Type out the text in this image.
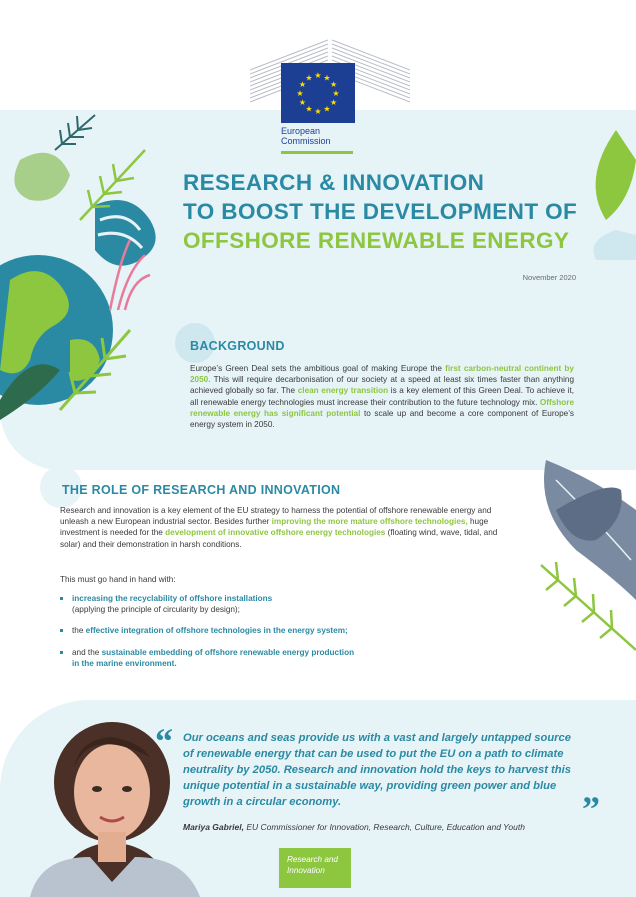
★ ★
★
★
★
★
★
★
★
★
★
★
European
Commission
RESEARCH & INNOVATION
TO BOOST THE DEVELOPMENT OF
OFFSHORE RENEWABLE ENERGY
November 2020
BACKGROUND
Europe’s Green Deal sets the ambitious goal of making Europe the first carbon-neutral continent by 2050. This will require decarbonisation of our society at a speed at least six times faster than anything achieved globally so far. The clean energy transition is a key element of this Green Deal. To achieve it, all renewable energy technologies must increase their contribution to the future technology mix. Offshore renewable energy has significant potential to scale up and become a core component of Europe’s energy system in 2050.
THE ROLE OF RESEARCH AND INNOVATION
Research and innovation is a key element of the EU strategy to harness the potential of offshore renewable energy and unleash a new European industrial sector. Besides further improving the more mature offshore technologies, huge investment is needed for the development of innovative offshore energy technologies (floating wind, wave, tidal, and solar) and their demonstration in harsh conditions.
This must go hand in hand with:
increasing the recyclability of offshore installations
(applying the principle of circularity by design);
the effective integration of offshore technologies in the energy system;
and the sustainable embedding of offshore renewable energy production in the marine environment.
“ Our oceans and seas provide us with a vast and largely untapped source of renewable energy that can be used to put the EU on a path to climate neutrality by 2050. Research and innovation hold the keys to harvest this unique potential in a sustainable way, providing green power and blue growth in a circular economy.	”
Mariya Gabriel, EU Commissioner for Innovation, Research, Culture, Education and Youth
Research and
Innovation
